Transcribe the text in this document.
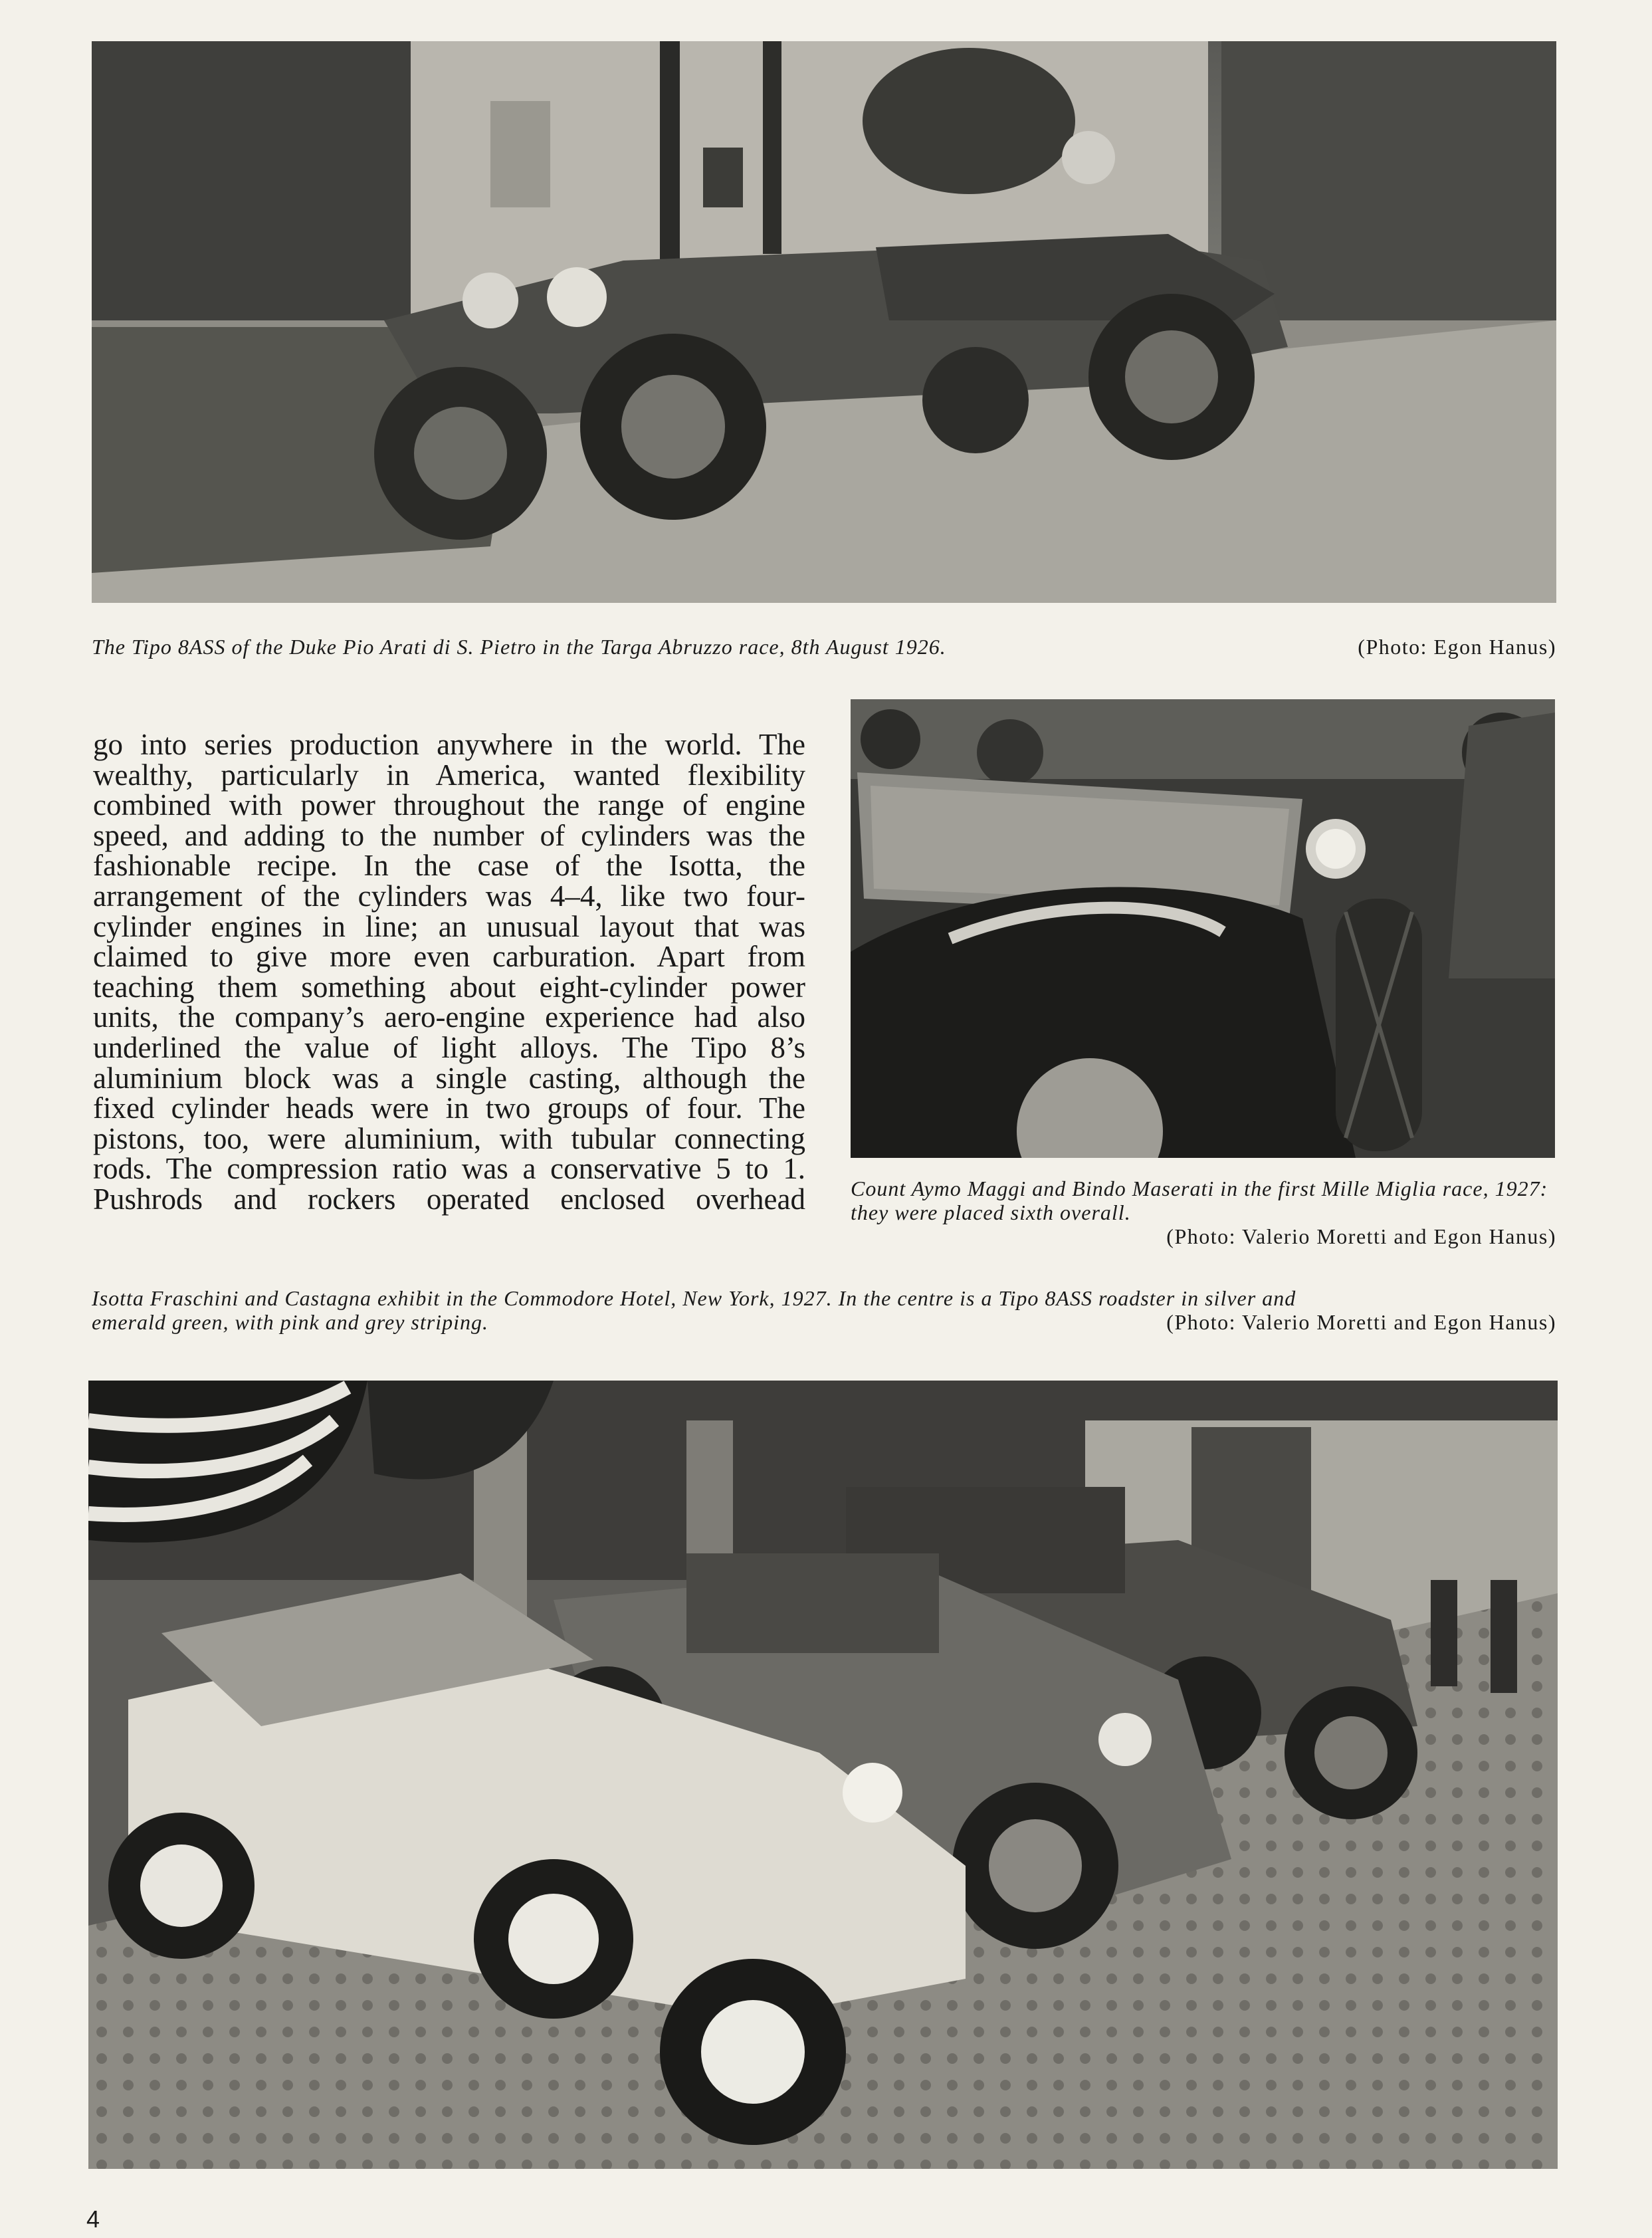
The Tipo 8ASS of the Duke Pio Arati di S. Pietro in the Targa Abruzzo race, 8th August 1926.	(Photo: Egon Hanus)

go into series production anywhere in the world. The
wealthy, particularly in America, wanted flexibility
combined with power throughout the range of engine
speed, and adding to the number of cylinders was the
fashionable recipe. In the case of the Isotta, the
arrangement of the cylinders was 4–4, like two four-
cylinder engines in line; an unusual layout that was
claimed to give more even carburation. Apart from
teaching them something about eight-cylinder power
units, the company’s aero-engine experience had also
underlined the value of light alloys. The Tipo 8’s
aluminium block was a single casting, although the
fixed cylinder heads were in two groups of four. The
pistons, too, were aluminium, with tubular connecting
rods. The compression ratio was a conservative 5 to 1.
Pushrods and rockers operated enclosed overhead Count Aymo Maggi and Bindo Maserati in the first Mille Miglia race, 1927: they were placed sixth overall.
(Photo: Valerio Moretti and Egon Hanus)
Isotta Fraschini and Castagna exhibit in the Commodore Hotel, New York, 1927. In the centre is a Tipo 8ASS roadster in silver and
emerald green, with pink and grey striping.	(Photo: Valerio Moretti and Egon Hanus)
4
